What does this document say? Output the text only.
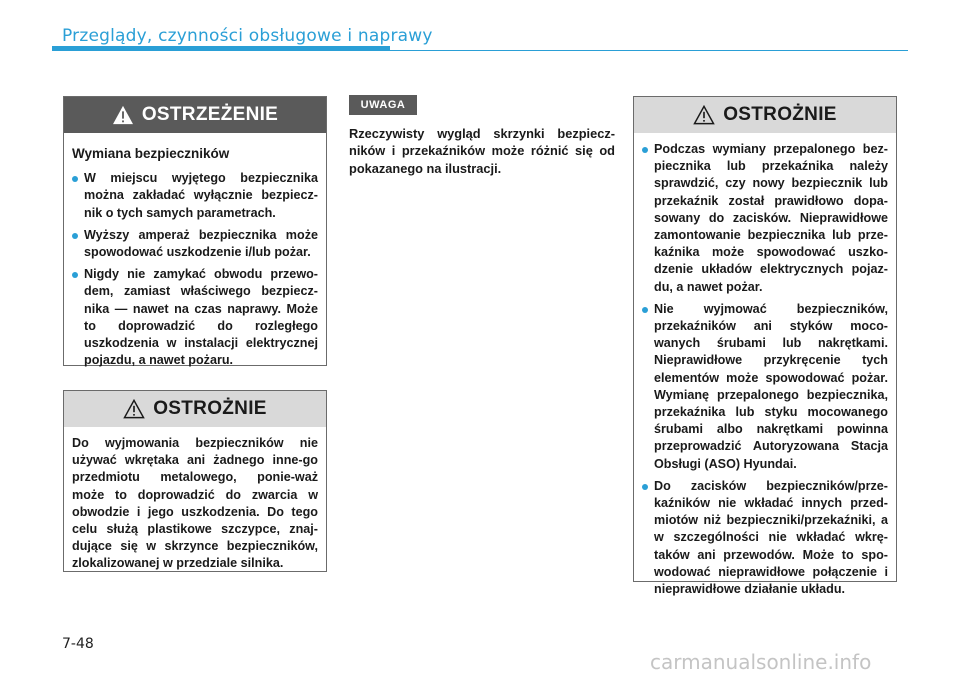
Przeglądy, czynności obsługowe i naprawy
OSTRZEŻENIE

Wymiana bezpieczników

W miejscu wyjętego bezpiecznika można zakładać wyłącznie bezpiecz-nik o tych samych parametrach.
Wyższy amperaż bezpiecznika może spowodować uszkodzenie i/lub pożar.
Nigdy nie zamykać obwodu przewo-dem, zamiast właściwego bezpiecz-nika — nawet na czas naprawy. Może to doprowadzić do rozległego uszkodzenia w instalacji elektrycznej pojazdu, a nawet pożaru.
OSTROŻNIE

Do wyjmowania bezpieczników nie używać wkrętaka ani żadnego inne-go przedmiotu metalowego, ponie-waż może to doprowadzić do zwarcia w obwodzie i jego uszkodzenia. Do tego celu służą plastikowe szczypce, znaj-dujące się w skrzynce bezpieczników, zlokalizowanej w przedziale silnika.

UWAGA
Rzeczywisty wygląd skrzynki bezpiecz-ników i przekaźników może różnić się od pokazanego na ilustracji.
OSTROŻNIE
Podczas wymiany przepalonego bez-piecznika lub przekaźnika należy sprawdzić, czy nowy bezpiecznik lub przekaźnik został prawidłowo dopa-sowany do zacisków. Nieprawidłowe zamontowanie bezpiecznika lub prze-kaźnika może spowodować uszko-dzenie układów elektrycznych pojaz-du, a nawet pożar.
Nie wyjmować bezpieczników, przekaźników ani styków moco-wanych śrubami lub nakrętkami. Nieprawidłowe przykręcenie tych elementów może spowodować pożar. Wymianę przepalonego bezpiecznika, przekaźnika lub styku mocowanego śrubami albo nakrętkami powinna przeprowadzić Autoryzowana Stacja Obsługi (ASO) Hyundai.
Do zacisków bezpieczników/prze-kaźników nie wkładać innych przed-miotów niż bezpieczniki/przekaźniki, a w szczególności nie wkładać wkrę-taków ani przewodów. Może to spo-wodować nieprawidłowe połączenie i nieprawidłowe działanie układu.
7-48
carmanualsonline.info
